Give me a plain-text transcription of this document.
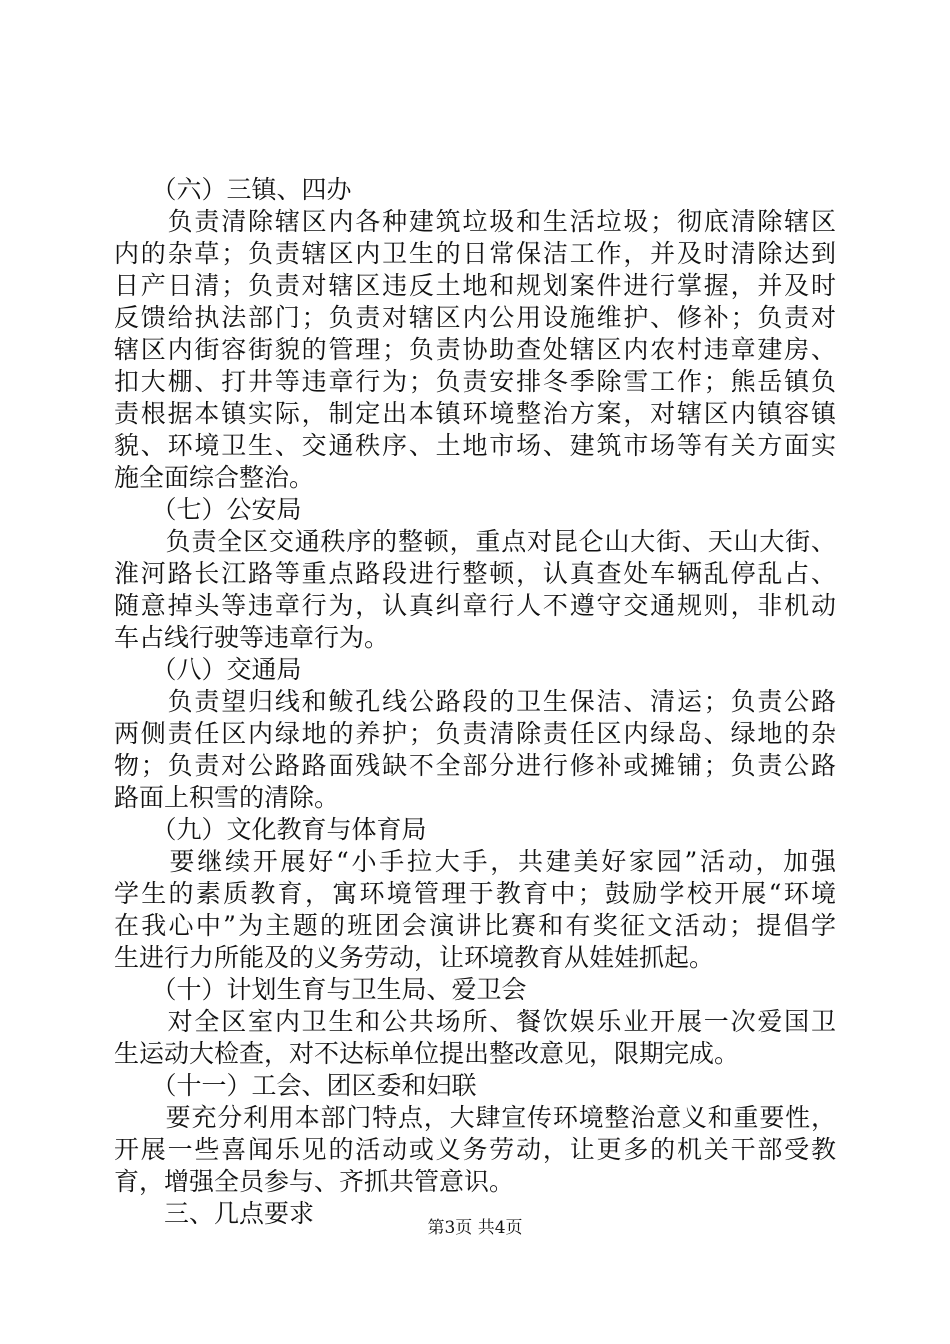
　　（六）三镇、四办
　　负责清除辖区内各种建筑垃圾和生活垃圾；彻底清除辖区
内的杂草；负责辖区内卫生的日常保洁工作，并及时清除达到
日产日清；负责对辖区违反土地和规划案件进行掌握，并及时
反馈给执法部门；负责对辖区内公用设施维护、修补；负责对
辖区内街容街貌的管理；负责协助查处辖区内农村违章建房、
扣大棚、打井等违章行为；负责安排冬季除雪工作；熊岳镇负
责根据本镇实际，制定出本镇环境整治方案，对辖区内镇容镇
貌、环境卫生、交通秩序、土地市场、建筑市场等有关方面实
施全面综合整治。
　　（七）公安局
　　负责全区交通秩序的整顿，重点对昆仑山大街、天山大街、
淮河路长江路等重点路段进行整顿，认真查处车辆乱停乱占、
随意掉头等违章行为，认真纠章行人不遵守交通规则，非机动
车占线行驶等违章行为。
　　（八）交通局
　　负责望归线和鲅孔线公路段的卫生保洁、清运；负责公路
两侧责任区内绿地的养护；负责清除责任区内绿岛、绿地的杂
物；负责对公路路面残缺不全部分进行修补或摊铺；负责公路
路面上积雪的清除。
　　（九）文化教育与体育局
　　要继续开展好“小手拉大手，共建美好家园”活动，加强
学生的素质教育，寓环境管理于教育中；鼓励学校开展“环境
在我心中”为主题的班团会演讲比赛和有奖征文活动；提倡学
生进行力所能及的义务劳动，让环境教育从娃娃抓起。
　　（十）计划生育与卫生局、爱卫会
　　对全区室内卫生和公共场所、餐饮娱乐业开展一次爱国卫
生运动大检查，对不达标单位提出整改意见，限期完成。
　　（十一）工会、团区委和妇联
　　要充分利用本部门特点，大肆宣传环境整治意义和重要性，
开展一些喜闻乐见的活动或义务劳动，让更多的机关干部受教
育，增强全员参与、齐抓共管意识。
　　三、几点要求	第3页 共4页
